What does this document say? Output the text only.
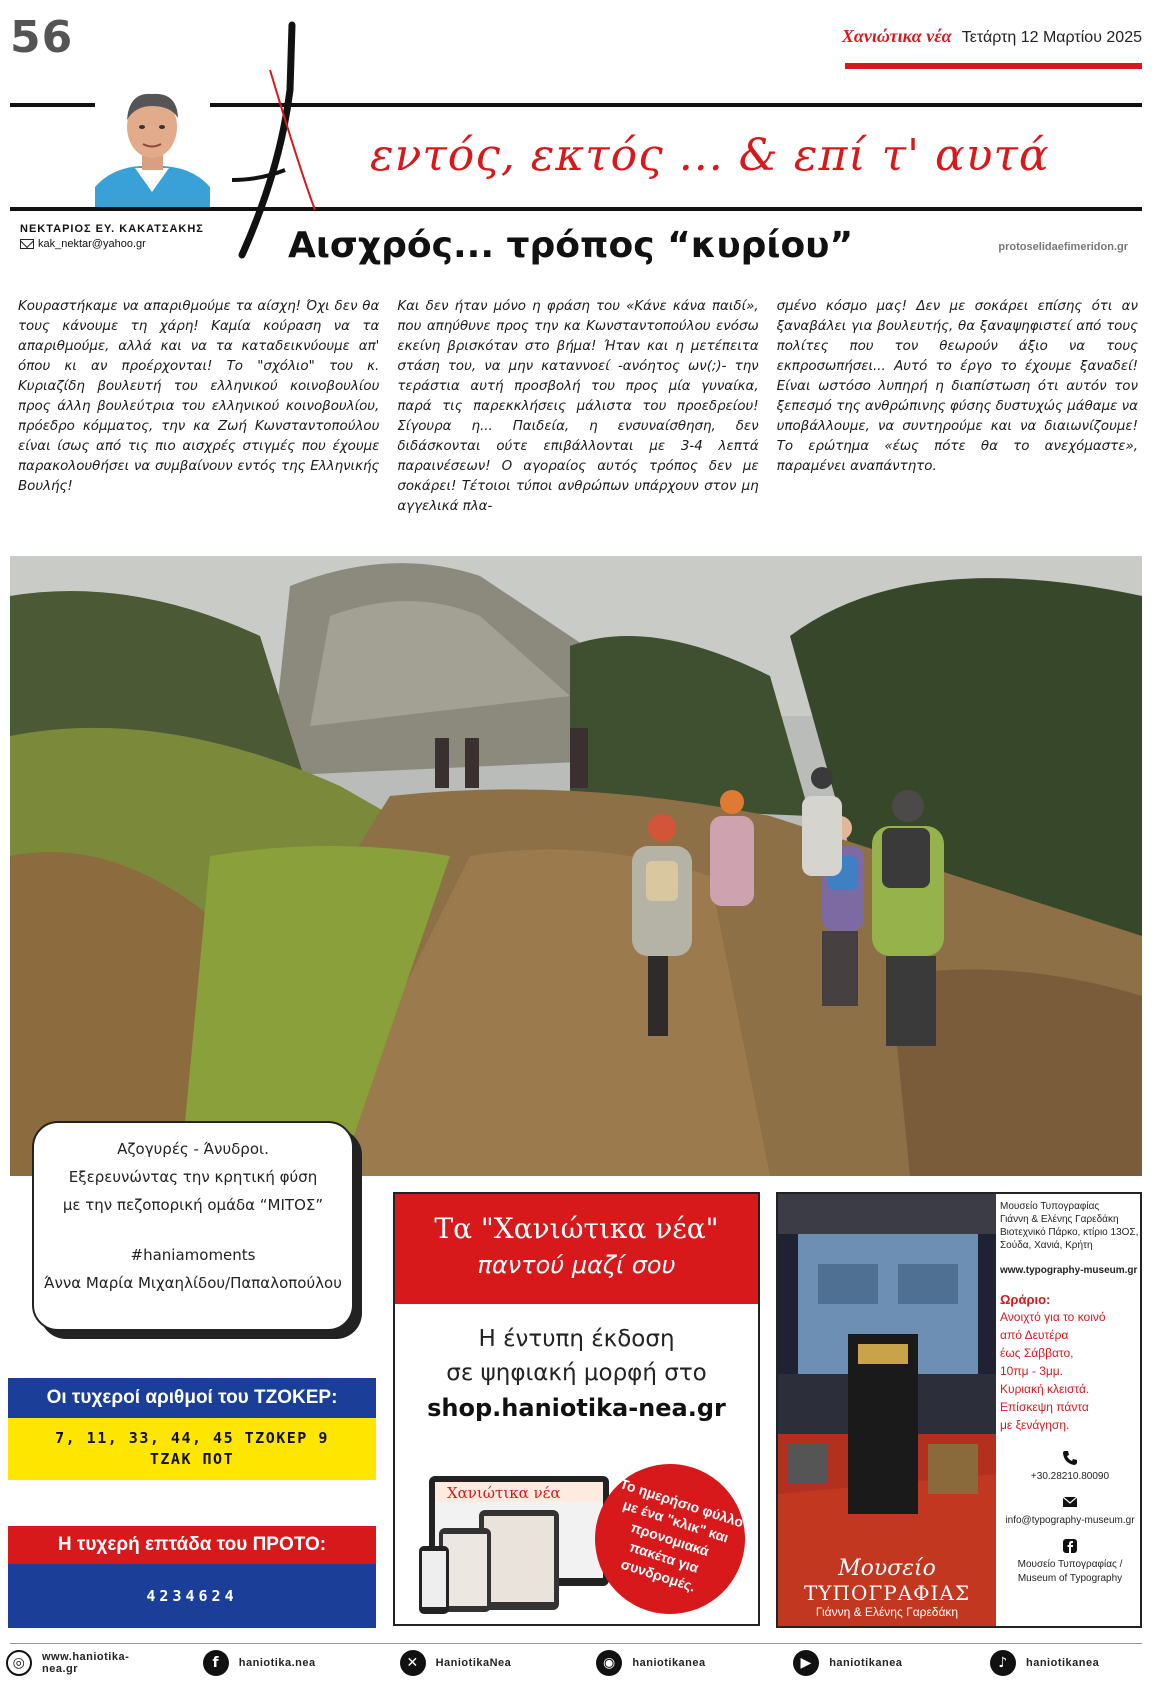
56	Χανιώτικα νέα Τετάρτη 12 Μαρτίου 2025
ΝΕΚΤΑΡΙΟΣ ΕΥ. ΚΑΚΑΤΣΑΚΗΣ
kak_nektar@yahoo.gr
εντός, εκτός ... & επί τ' αυτά
Αισχρός... τρόπος “κυρίου”	protoselidaefimeridon.gr

Κουραστήκαμε να απαριθμούμε τα αίσχη! Όχι δεν θα τους κάνουμε τη χάρη! Καμία κούραση να τα απαριθμούμε, αλλά και να τα καταδεικνύουμε απ' όπου κι αν προέρχονται! Το "σχόλιο" του κ. Κυριαζίδη βουλευτή του ελληνικού κοινοβουλίου προς άλλη βουλεύτρια του ελληνικού κοινοβουλίου, πρόεδρο κόμματος, την κα Ζωή Κωνσταντοπούλου είναι ίσως από τις πιο αισχρές στιγμές που έχουμε παρακολουθήσει να συμβαίνουν εντός της Ελληνικής Βουλής!

Και δεν ήταν μόνο η φράση του «Κάνε κάνα παιδί», που απηύθυνε προς την κα Κωνσταντοπούλου ενόσω εκείνη βρισκόταν στο βήμα! Ήταν και η μετέπειτα στάση του, να μην καταννοεί -ανόητος ων(;)- την τεράστια αυτή προσβολή του προς μία γυναίκα, παρά τις παρεκκλήσεις μάλιστα του προεδρείου! Σίγουρα η... Παιδεία, η ενσυναίσθηση, δεν διδάσκονται ούτε επιβάλλονται με 3-4 λεπτά παραινέσεων! Ο αγοραίος αυτός τρόπος δεν με σοκάρει! Τέτοιοι τύποι ανθρώπων υπάρχουν στον μη αγγελικά πλα-

σμένο κόσμο μας! Δεν με σοκάρει επίσης ότι αν ξαναβάλει για βουλευτής, θα ξαναψηφιστεί από τους πολίτες που τον θεωρούν άξιο να τους εκπροσωπήσει... Αυτό το έργο το έχουμε ξαναδεί! Είναι ωστόσο λυπηρή η διαπίστωση ότι αυτόν τον ξεπεσμό της ανθρώπινης φύσης δυστυχώς μάθαμε να υποβάλλουμε, να συντηρούμε και να διαιωνίζουμε! Το ερώτημα «έως πότε θα το ανεχόμαστε», παραμένει αναπάντητο.

Αζογυρές - Άνυδροι.
Εξερευνώντας την κρητική φύση
με την πεζοπορική ομάδα “ΜΙΤΟΣ”
#haniamoments
Άννα Μαρία Μιχαηλίδου/Παπαλοπούλου
Οι τυχεροί αριθμοί του ΤΖΟΚΕΡ:
7, 11, 33, 44, 45 ΤΖΟΚΕΡ 9
ΤΖΑΚ ΠΟΤ
Η τυχερή επτάδα του ΠΡΟΤΟ:
4234624
Τα "Χανιώτικα νέα"
παντού μαζί σου
Η έντυπη έκδοση
σε ψηφιακή μορφή στο
shop.haniotika-nea.gr
Χανιώτικα νέα	Το ημερήσιο φύλλο με ένα "κλικ" και προνομιακά πακέτα για συνδρομές.	Μουσείο
ΤΥΠΟΓΡΑΦΙΑΣ
Γιάννη & Ελένης Γαρεδάκη
Μουσείο Τυπογραφίας
Γιάννη & Ελένης Γαρεδάκη
Βιοτεχνικό Πάρκο, κτίριο 13ΟΣ,
Σούδα, Χανιά, Κρήτη
www.typography-museum.gr
Ωράριο:
Ανοιχτό για το κοινό
από Δευτέρα
έως Σάββατο,
10πμ - 3μμ.
Κυριακή κλειστά.
Επίσκεψη πάντα
με ξενάγηση.
+30.28210.80090
info@typography-museum.gr
Μουσείο Τυπογραφίας /
Museum of Typography
◎	www.haniotika-nea.gr	f	haniotika.nea	✕	HaniotikaNea	◉	haniotikanea	▶	haniotikanea	♪	haniotikanea
